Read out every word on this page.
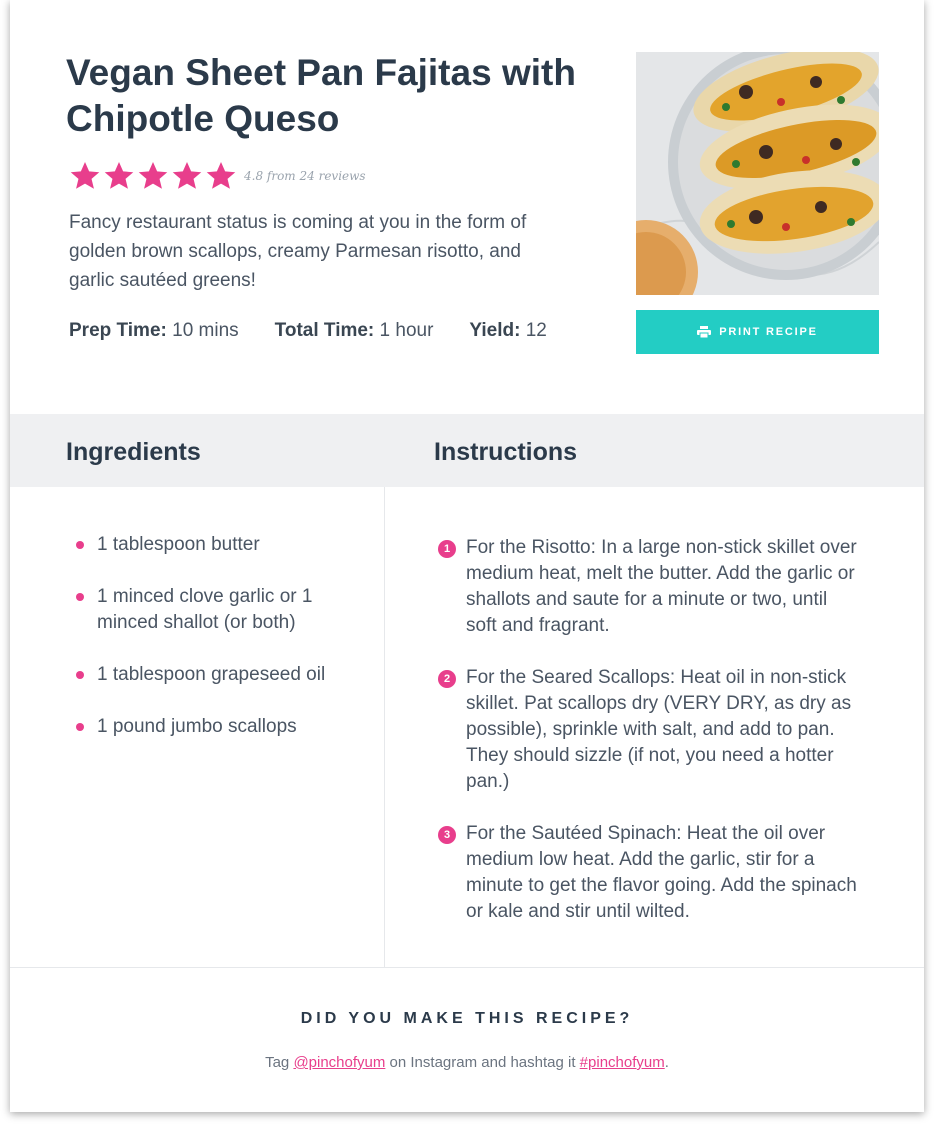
Vegan Sheet Pan Fajitas with Chipotle Queso
4.8 from 24 reviews

Fancy restaurant status is coming at you in the form of golden brown scallops, creamy Parmesan risotto, and garlic sautéed greens!

Prep Time: 10 mins Total Time: 1 hour Yield: 12	PRINT RECIPE
Ingredients	Instructions
1 tablespoon butter
1 minced clove garlic or 1 minced shallot (or both)
1 tablespoon grapeseed oil
1 pound jumbo scallops
1 For the Risotto: In a large non-stick skillet over medium heat, melt the butter. Add the garlic or shallots and saute for a minute or two, until soft and fragrant.
2 For the Seared Scallops: Heat oil in non-stick skillet. Pat scallops dry (VERY DRY, as dry as possible), sprinkle with salt, and add to pan. They should sizzle (if not, you need a hotter pan.)
3 For the Sautéed Spinach: Heat the oil over medium low heat. Add the garlic, stir for a minute to get the flavor going. Add the spinach or kale and stir until wilted.
DID YOU MAKE THIS RECIPE?

Tag @pinchofyum on Instagram and hashtag it #pinchofyum.
